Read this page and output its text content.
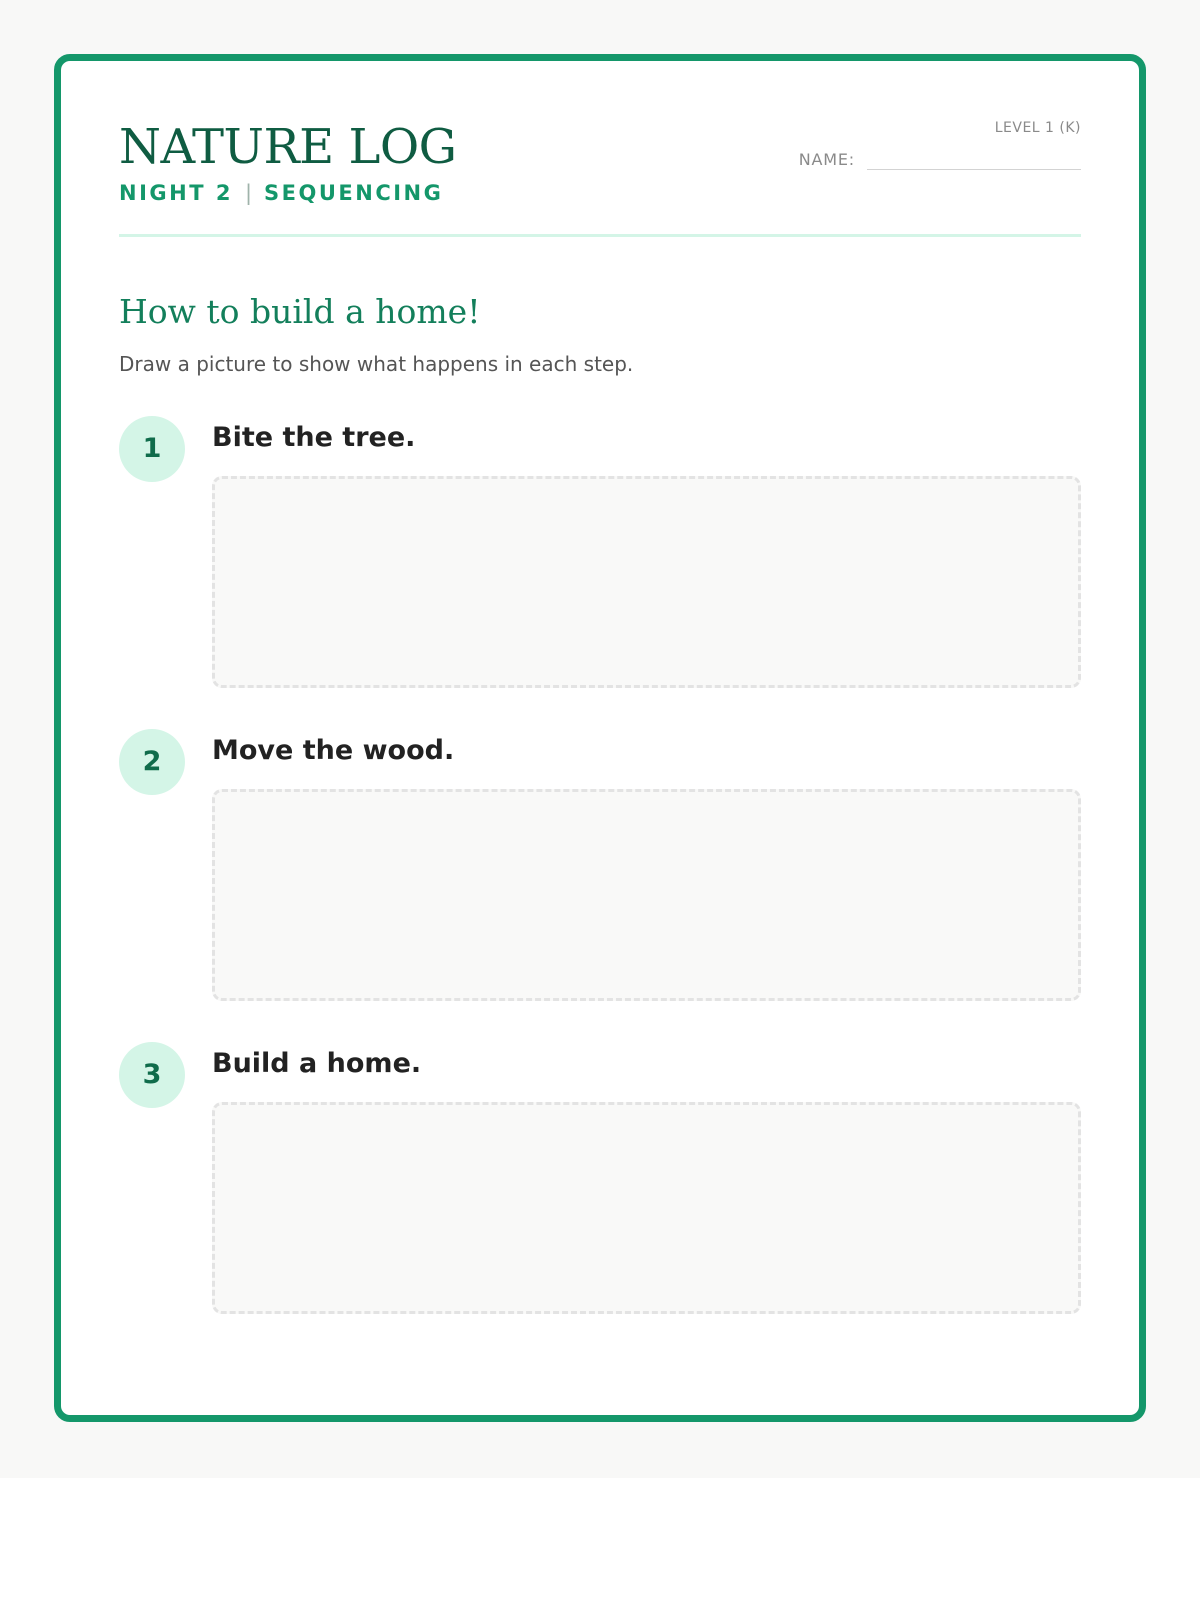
NATURE LOG
NIGHT 2 | SEQUENCING
LEVEL 1 (K)
NAME:
How to build a home!

Draw a picture to show what happens in each step.

1	Bite the tree.
2	Move the wood.
3	Build a home.
